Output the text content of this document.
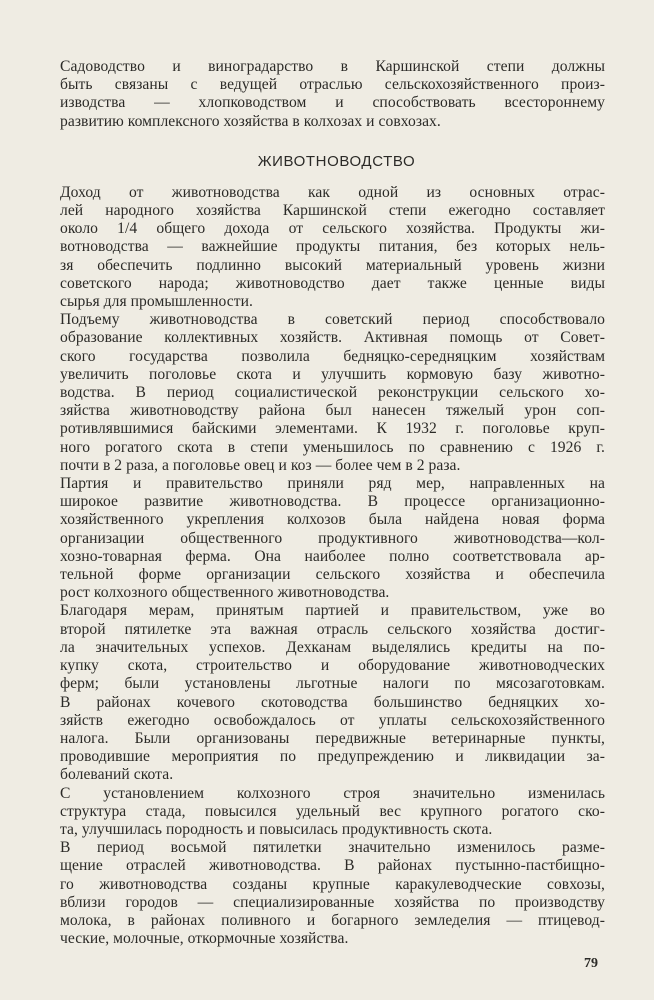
Садоводство и виноградарство в Каршинской степи должны
быть связаны с ведущей отраслью сельскохозяйственного произ-
изводства — хлопководством и способствовать всестороннему
развитию комплексного хозяйства в колхозах и совхозах.

ЖИВОТНОВОДСТВО

Доход от животноводства как одной из основных отрас-
лей народного хозяйства Каршинской степи ежегодно составляет
около 1/4 общего дохода от сельского хозяйства. Продукты жи-
вотноводства — важнейшие продукты питания, без которых нель-
зя обеспечить подлинно высокий материальный уровень жизни
советского народа; животноводство дает также ценные виды
сырья для промышленности.

Подъему животноводства в советский период способствовало
образование коллективных хозяйств. Активная помощь от Совет-
ского государства позволила бедняцко-середняцким хозяйствам
увеличить поголовье скота и улучшить кормовую базу животно-
водства. В период социалистической реконструкции сельского хо-
зяйства животноводству района был нанесен тяжелый урон соп-
ротивлявшимися байскими элементами. К 1932 г. поголовье круп-
ного рогатого скота в степи уменьшилось по сравнению с 1926 г.
почти в 2 раза, а поголовье овец и коз — более чем в 2 раза.

Партия и правительство приняли ряд мер, направленных на
широкое развитие животноводства. В процессе организационно-
хозяйственного укрепления колхозов была найдена новая форма
организации общественного продуктивного животноводства—кол-
хозно-товарная ферма. Она наиболее полно соответствовала ар-
тельной форме организации сельского хозяйства и обеспечила
рост колхозного общественного животноводства.

Благодаря мерам, принятым партией и правительством, уже во
второй пятилетке эта важная отрасль сельского хозяйства достиг-
ла значительных успехов. Дехканам выделялись кредиты на по-
купку скота, строительство и оборудование животноводческих
ферм; были установлены льготные налоги по мясозаготовкам.
В районах кочевого скотоводства большинство бедняцких хо-
зяйств ежегодно освобождалось от уплаты сельскохозяйственного
налога. Были организованы передвижные ветеринарные пункты,
проводившие мероприятия по предупреждению и ликвидации за-
болеваний скота.

С установлением колхозного строя значительно изменилась
структура стада, повысился удельный вес крупного рогатого ско-
та, улучшилась породность и повысилась продуктивность скота.

В период восьмой пятилетки значительно изменилось разме-
щение отраслей животноводства. В районах пустынно-пастбищно-
го животноводства созданы крупные каракулеводческие совхозы,
вблизи городов — специализированные хозяйства по производству
молока, в районах поливного и богарного земледелия — птицевод-
ческие, молочные, откормочные хозяйства.

79
